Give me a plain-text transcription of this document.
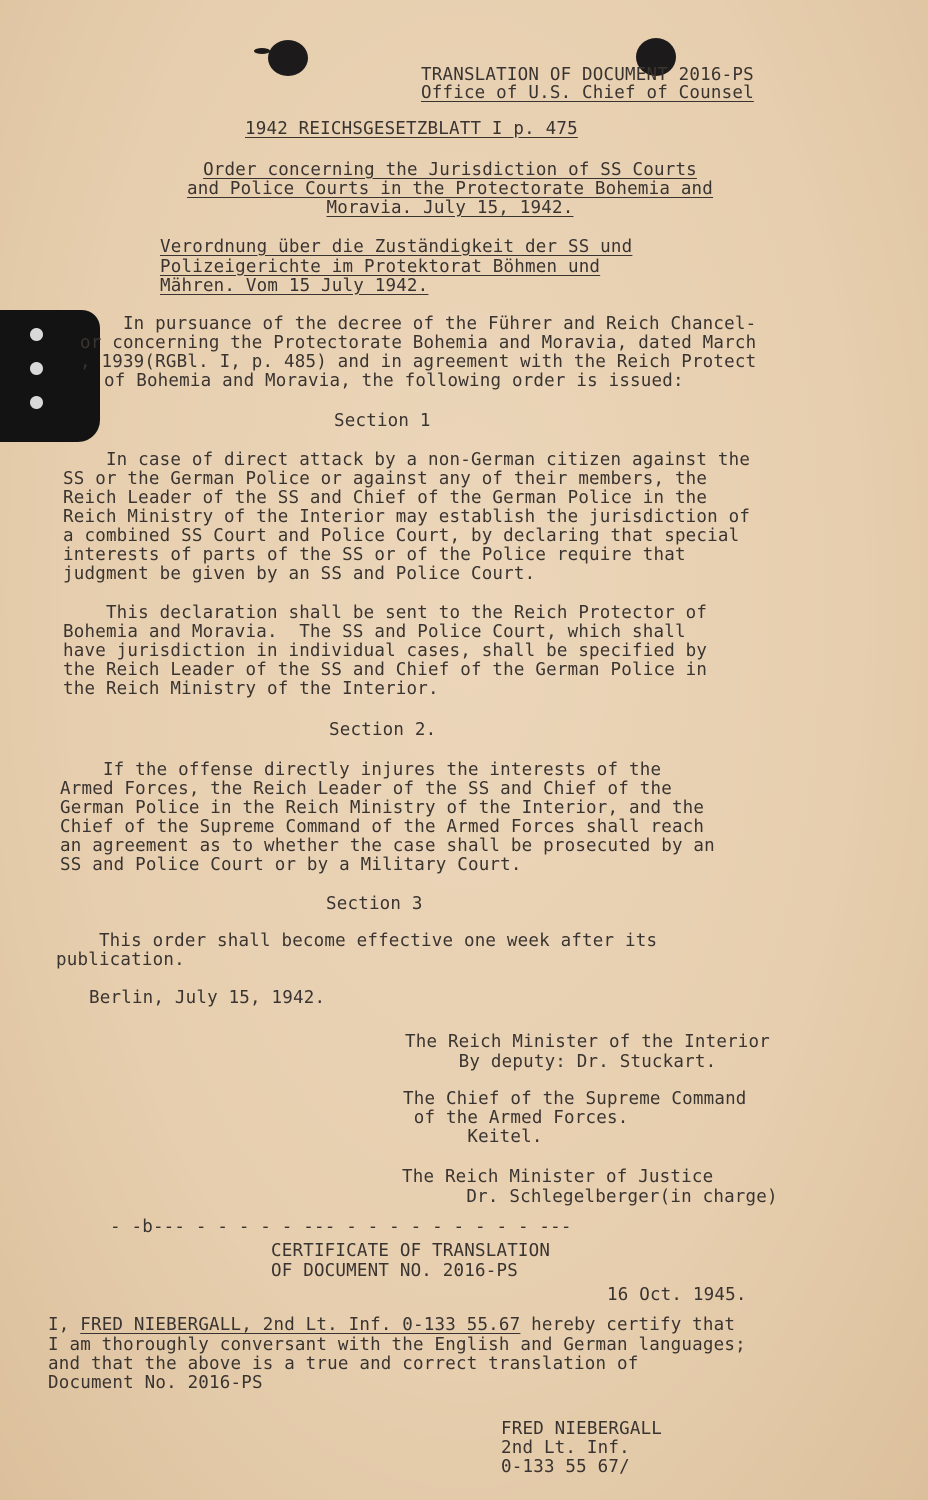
TRANSLATION OF DOCUMENT 2016-PS
Office of U.S. Chief of Counsel
1942 REICHSGESETZBLATT I p. 475
Order concerning the Jurisdiction of SS Courts
and Police Courts in the Protectorate Bohemia and
Moravia. July 15, 1942.
Verordnung über die Zuständigkeit der SS und
Polizeigerichte im Protektorat Böhmen und
Mähren. Vom 15 July 1942.
In pursuance of the decree of the Führer and Reich Chancel-
or concerning the Protectorate Bohemia and Moravia, dated March
, 1939(RGBl. I, p. 485) and in agreement with the Reich Protect
of Bohemia and Moravia, the following order is issued:
Section 1
In case of direct attack by a non-German citizen against the
SS or the German Police or against any of their members, the
Reich Leader of the SS and Chief of the German Police in the
Reich Ministry of the Interior may establish the jurisdiction of
a combined SS Court and Police Court, by declaring that special
interests of parts of the SS or of the Police require that
judgment be given by an SS and Police Court.
This declaration shall be sent to the Reich Protector of
Bohemia and Moravia.  The SS and Police Court, which shall
have jurisdiction in individual cases, shall be specified by
the Reich Leader of the SS and Chief of the German Police in
the Reich Ministry of the Interior.
Section 2.
If the offense directly injures the interests of the
Armed Forces, the Reich Leader of the SS and Chief of the
German Police in the Reich Ministry of the Interior, and the
Chief of the Supreme Command of the Armed Forces shall reach
an agreement as to whether the case shall be prosecuted by an
SS and Police Court or by a Military Court.
Section 3
This order shall become effective one week after its
publication.
Berlin, July 15, 1942.
The Reich Minister of the Interior
By deputy: Dr. Stuckart.
The Chief of the Supreme Command
of the Armed Forces.
Keitel.
The Reich Minister of Justice
Dr. Schlegelberger(in charge)
- -b--- - - - - - --- - - - - - - - - - ---
CERTIFICATE OF TRANSLATION
OF DOCUMENT NO. 2016-PS
16 Oct. 1945.
I, FRED NIEBERGALL, 2nd Lt. Inf. 0-133 55.67 hereby certify that
I am thoroughly conversant with the English and German languages;
and that the above is a true and correct translation of
Document No. 2016-PS
FRED NIEBERGALL
2nd Lt. Inf.
0-133 55 67/
